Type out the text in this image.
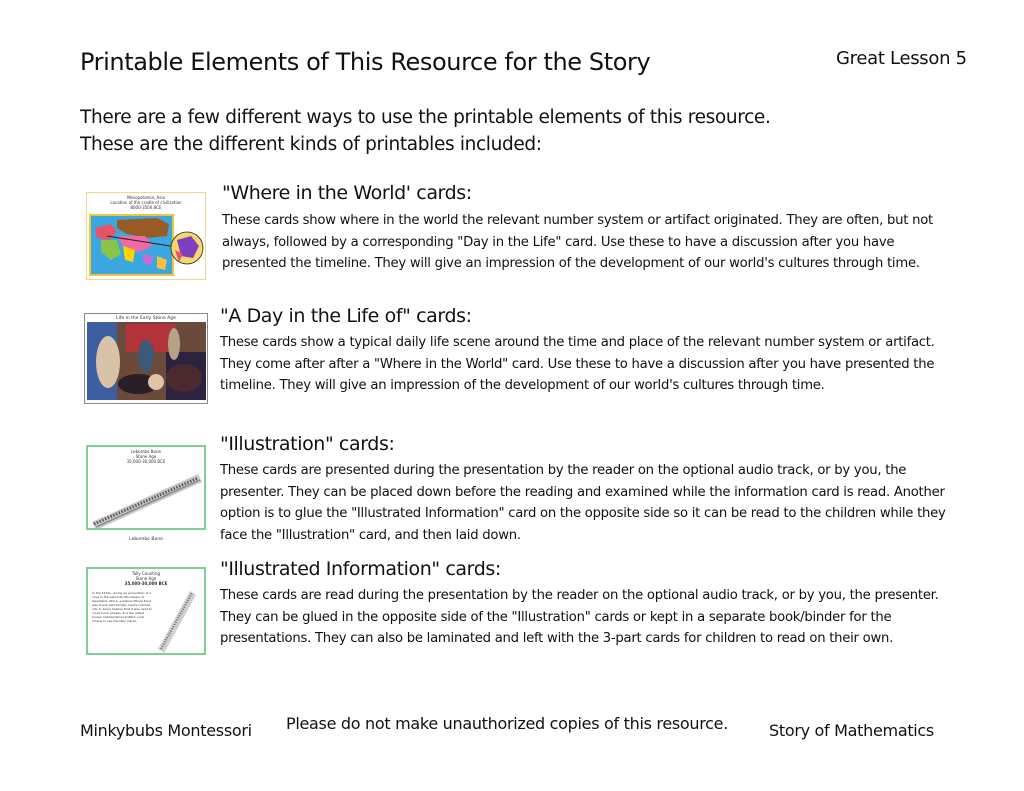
Printable Elements of This Resource for the Story	Great Lesson 5
There are a few different ways to use the printable elements of this resource.
These are the different kinds of printables included:
Mesopotamia, Asia
Location of the cradle of civilization
8000-3500 BCE
"Where in the World' cards:
These cards show where in the world the relevant number system or artifact originated. They are often, but not always, followed by a corresponding "Day in the Life" card. Use these to have a discussion after you have presented the timeline. They will give an impression of the development of our world's cultures through time.
Life in the Early Stone Age	"A Day in the Life of" cards:
These cards show a typical daily life scene around the time and place of the relevant number system or artifact. They come after after a "Where in the World" card. Use these to have a discussion after you have presented the timeline. They will give an impression of the development of our world's cultures through time.
Lebombo Bone
Stone Age
35,000-30,000 BCE
Lebombo Bone
"Illustration" cards:
These cards are presented during the presentation by the reader on the optional audio track, or by you, the presenter. They can be placed down before the reading and examined while the information card is read. Another option is to glue the "Illustrated Information" card on the opposite side so it can be read to the children while they face the "Illustration" card, and then laid down.
Tally Counting
Stone Age
35,000-30,000 BCE
In the 1970s, during an excavation of a cave in the Lebombo Mountains of Swaziland, Africa, a baboon fibula bone was found with 29 tally marks notched into it. Some believe that it was used to count lunar phases. It is the oldest known mathematical artifact. Look closely to see the tally marks.
"Illustrated Information" cards:
These cards are read during the presentation by the reader on the optional audio track, or by you, the presenter. They can be glued in the opposite side of the "Illustration" cards or kept in a separate book/binder for the presentations. They can also be laminated and left with the 3-part cards for children to read on their own.
Minkybubs Montessori Please do not make unauthorized copies of this resource.	Story of Mathematics
